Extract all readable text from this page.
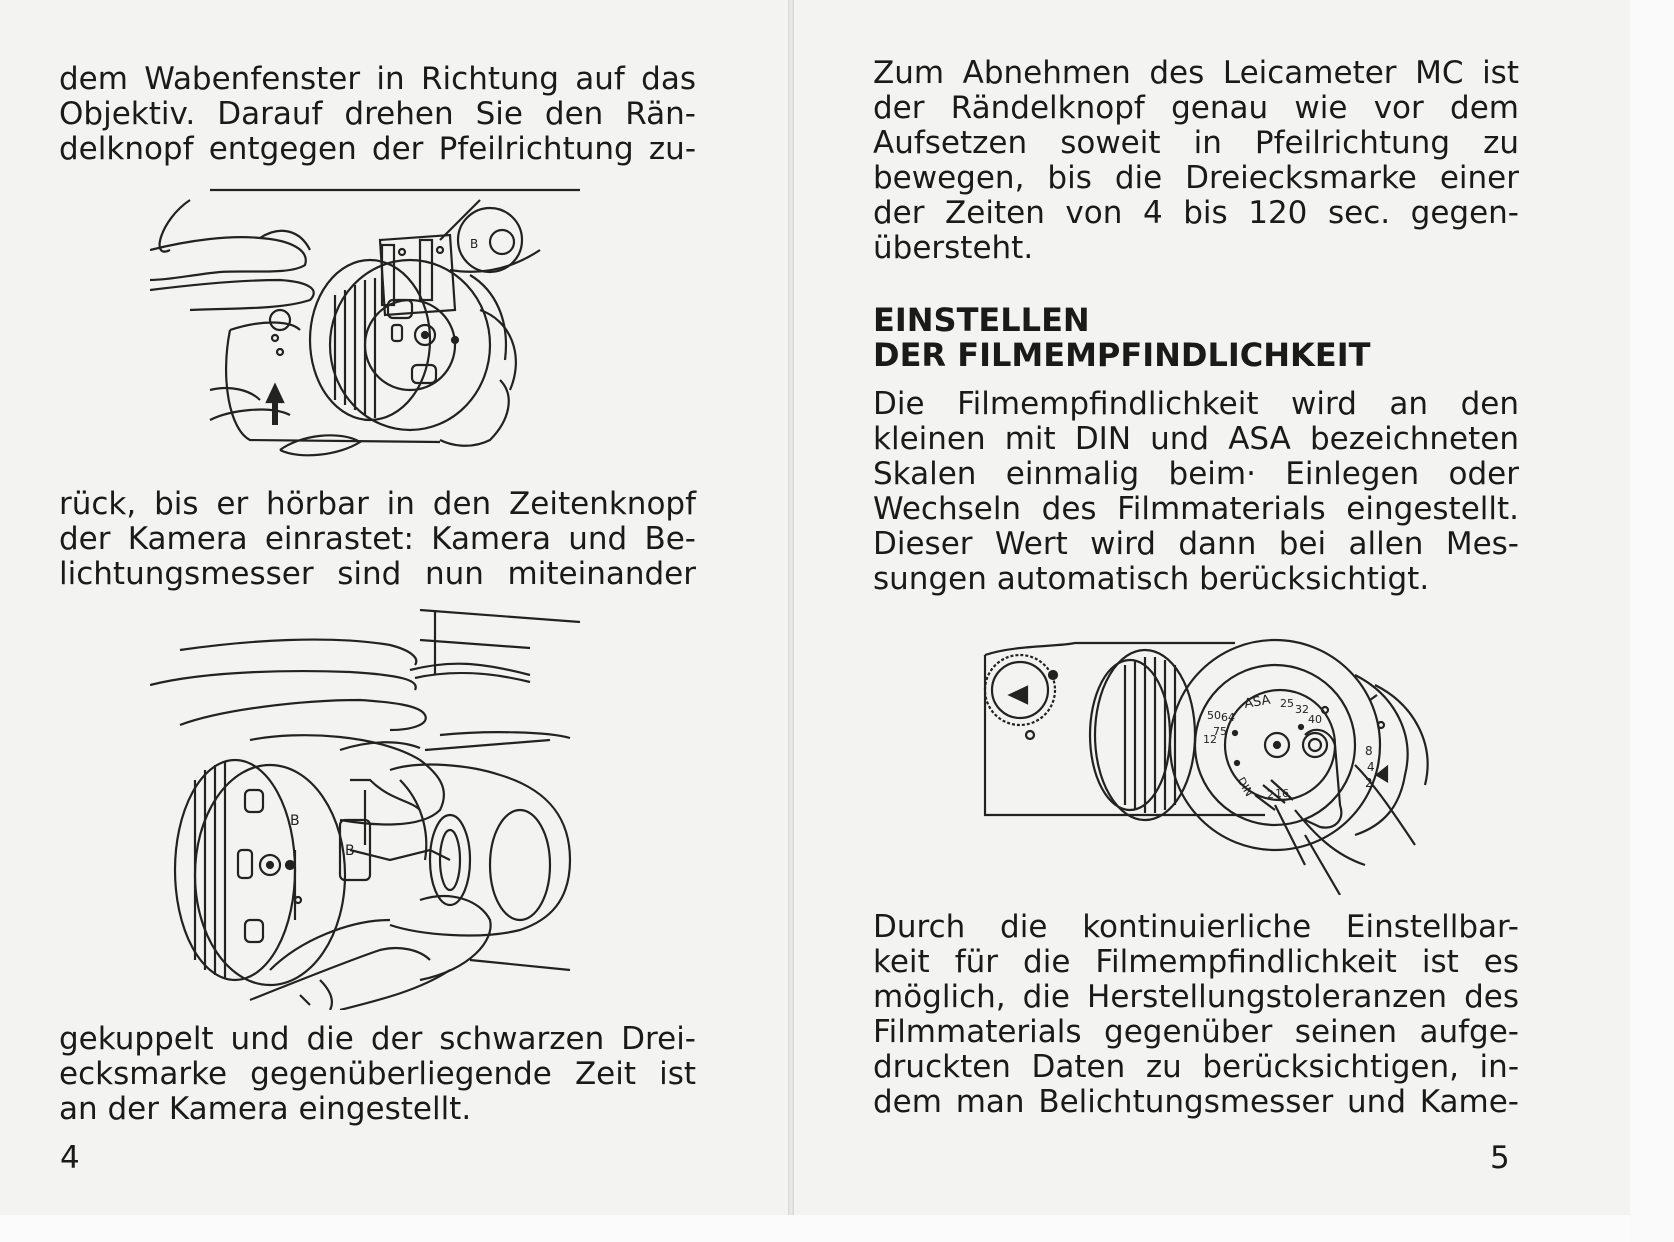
dem Wabenfenster in Richtung auf das
Objektiv. Darauf drehen Sie den Rän-
delknopf entgegen der Pfeilrichtung zu-

rück, bis er hörbar in den Zeitenknopf
der Kamera einrastet: Kamera und Be-
lichtungsmesser sind nun miteinander

gekuppelt und die der schwarzen Drei-
ecksmarke gegenüberliegende Zeit ist
an der Kamera eingestellt.

4
B
B
B

Zum Abnehmen des Leicameter MC ist
der Rändelknopf genau wie vor dem
Aufsetzen soweit in Pfeilrichtung zu
bewegen, bis die Dreiecksmarke einer
der Zeiten von 4 bis 120 sec. gegen-
übersteht.

EINSTELLEN
DER FILMEMPFINDLICHKEIT

Die Filmempfindlichkeit wird an den
kleinen mit DIN und ASA bezeichneten
Skalen einmalig beim· Einlegen oder
Wechseln des Filmmaterials eingestellt.
Dieser Wert wird dann bei allen Mes-
sungen automatisch berücksichtigt.

Durch die kontinuierliche Einstellbar-
keit für die Filmempfindlichkeit ist es
möglich, die Herstellungstoleranzen des
Filmmaterials gegenüber seinen aufge-
druckten Daten zu berücksichtigen, in-
dem man Belichtungsmesser und Kame-

5
ASA 25 32
40
50 64
75
12
DIN 2 16
8
4
2
